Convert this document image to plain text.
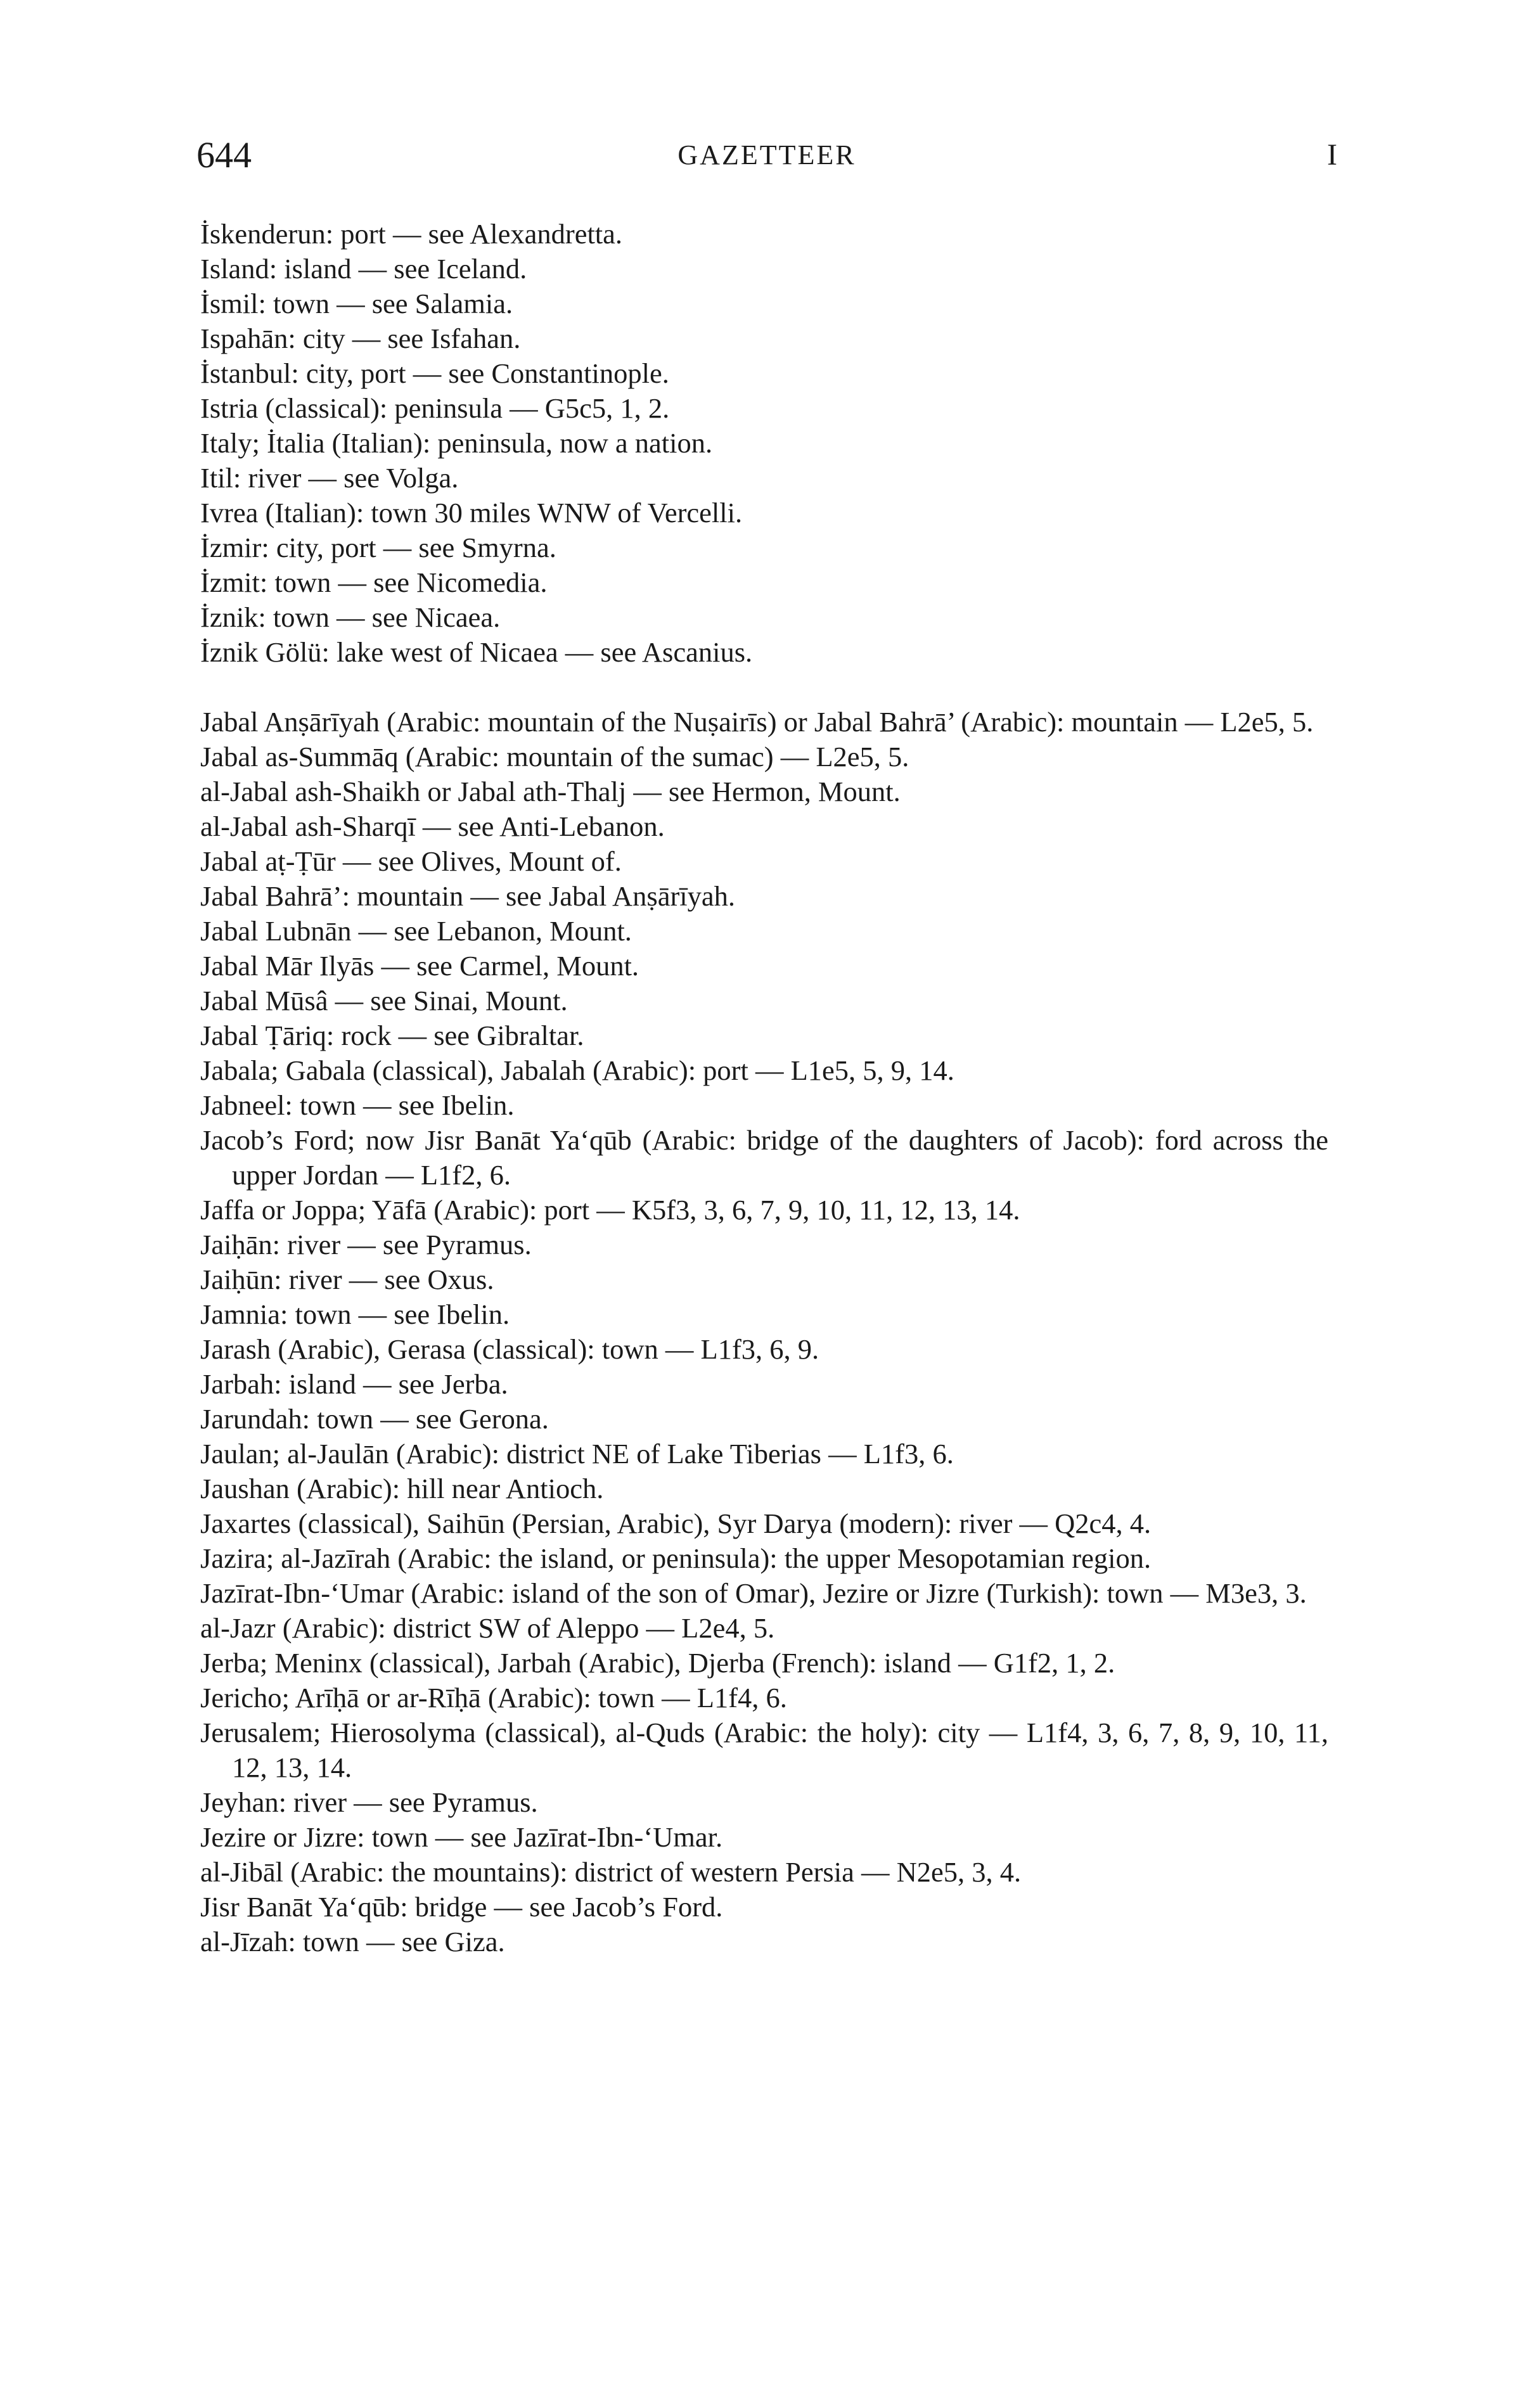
644	GAZETTEER	I
İskenderun: port — see Alexandretta.
Island: island — see Iceland.
İsmil: town — see Salamia.
Ispahān: city — see Isfahan.
İstanbul: city, port — see Constantinople.
Istria (classical): peninsula — G5c5, 1, 2.
Italy; İtalia (Italian): peninsula, now a nation.
Itil: river — see Volga.
Ivrea (Italian): town 30 miles WNW of Vercelli.
İzmir: city, port — see Smyrna.
İzmit: town — see Nicomedia.
İznik: town — see Nicaea.
İznik Gölü: lake west of Nicaea — see Ascanius.
Jabal Anṣārīyah (Arabic: mountain of the Nuṣairīs) or Jabal Bahrā’ (Arabic): mountain — L2e5, 5.
Jabal as-Summāq (Arabic: mountain of the sumac) — L2e5, 5.
al-Jabal ash-Shaikh or Jabal ath-Thalj — see Hermon, Mount.
al-Jabal ash-Sharqī — see Anti-Lebanon.
Jabal aṭ-Ṭūr — see Olives, Mount of.
Jabal Bahrā’: mountain — see Jabal Anṣārīyah.
Jabal Lubnān — see Lebanon, Mount.
Jabal Mār Ilyās — see Carmel, Mount.
Jabal Mūsâ — see Sinai, Mount.
Jabal Ṭāriq: rock — see Gibraltar.
Jabala; Gabala (classical), Jabalah (Arabic): port — L1e5, 5, 9, 14.
Jabneel: town — see Ibelin.
Jacob’s Ford; now Jisr Banāt Ya‘qūb (Arabic: bridge of the daughters of Jacob): ford across the upper Jordan — L1f2, 6.
Jaffa or Joppa; Yāfā (Arabic): port — K5f3, 3, 6, 7, 9, 10, 11, 12, 13, 14.
Jaiḥān: river — see Pyramus.
Jaiḥūn: river — see Oxus.
Jamnia: town — see Ibelin.
Jarash (Arabic), Gerasa (classical): town — L1f3, 6, 9.
Jarbah: island — see Jerba.
Jarundah: town — see Gerona.
Jaulan; al-Jaulān (Arabic): district NE of Lake Tiberias — L1f3, 6.
Jaushan (Arabic): hill near Antioch.
Jaxartes (classical), Saihūn (Persian, Arabic), Syr Darya (modern): river — Q2c4, 4.
Jazira; al-Jazīrah (Arabic: the island, or peninsula): the upper Mesopotamian region.
Jazīrat-Ibn-‘Umar (Arabic: island of the son of Omar), Jezire or Jizre (Turkish): town — M3e3, 3.
al-Jazr (Arabic): district SW of Aleppo — L2e4, 5.
Jerba; Meninx (classical), Jarbah (Arabic), Djerba (French): island — G1f2, 1, 2.
Jericho; Arīḥā or ar-Rīḥā (Arabic): town — L1f4, 6.
Jerusalem; Hierosolyma (classical), al-Quds (Arabic: the holy): city — L1f4, 3, 6, 7, 8, 9, 10, 11, 12, 13, 14.
Jeyhan: river — see Pyramus.
Jezire or Jizre: town — see Jazīrat-Ibn-‘Umar.
al-Jibāl (Arabic: the mountains): district of western Persia — N2e5, 3, 4.
Jisr Banāt Ya‘qūb: bridge — see Jacob’s Ford.
al-Jīzah: town — see Giza.
